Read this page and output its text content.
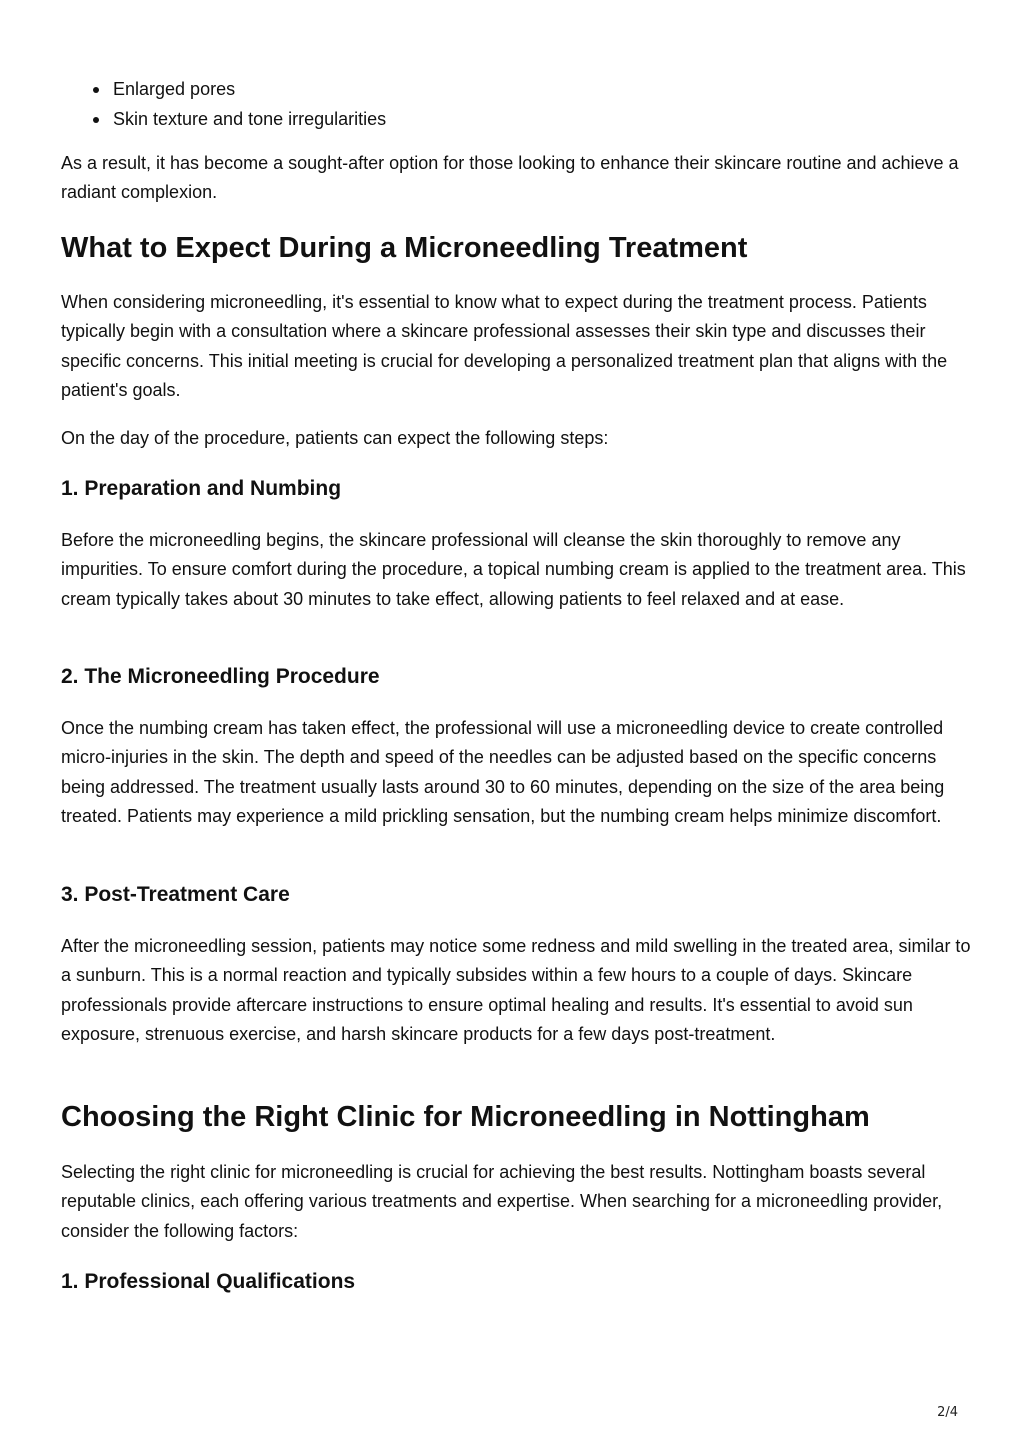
Enlarged pores
Skin texture and tone irregularities

As a result, it has become a sought-after option for those looking to enhance their skincare routine and achieve a radiant complexion.

What to Expect During a Microneedling Treatment

When considering microneedling, it's essential to know what to expect during the treatment process. Patients typically begin with a consultation where a skincare professional assesses their skin type and discusses their specific concerns. This initial meeting is crucial for developing a personalized treatment plan that aligns with the patient's goals.

On the day of the procedure, patients can expect the following steps:

1. Preparation and Numbing

Before the microneedling begins, the skincare professional will cleanse the skin thoroughly to remove any impurities. To ensure comfort during the procedure, a topical numbing cream is applied to the treatment area. This cream typically takes about 30 minutes to take effect, allowing patients to feel relaxed and at ease.

2. The Microneedling Procedure

Once the numbing cream has taken effect, the professional will use a microneedling device to create controlled micro-injuries in the skin. The depth and speed of the needles can be adjusted based on the specific concerns being addressed. The treatment usually lasts around 30 to 60 minutes, depending on the size of the area being treated. Patients may experience a mild prickling sensation, but the numbing cream helps minimize discomfort.

3. Post-Treatment Care

After the microneedling session, patients may notice some redness and mild swelling in the treated area, similar to a sunburn. This is a normal reaction and typically subsides within a few hours to a couple of days. Skincare professionals provide aftercare instructions to ensure optimal healing and results. It's essential to avoid sun exposure, strenuous exercise, and harsh skincare products for a few days post-treatment.

Choosing the Right Clinic for Microneedling in Nottingham

Selecting the right clinic for microneedling is crucial for achieving the best results. Nottingham boasts several reputable clinics, each offering various treatments and expertise. When searching for a microneedling provider, consider the following factors:

1. Professional Qualifications
2/4
